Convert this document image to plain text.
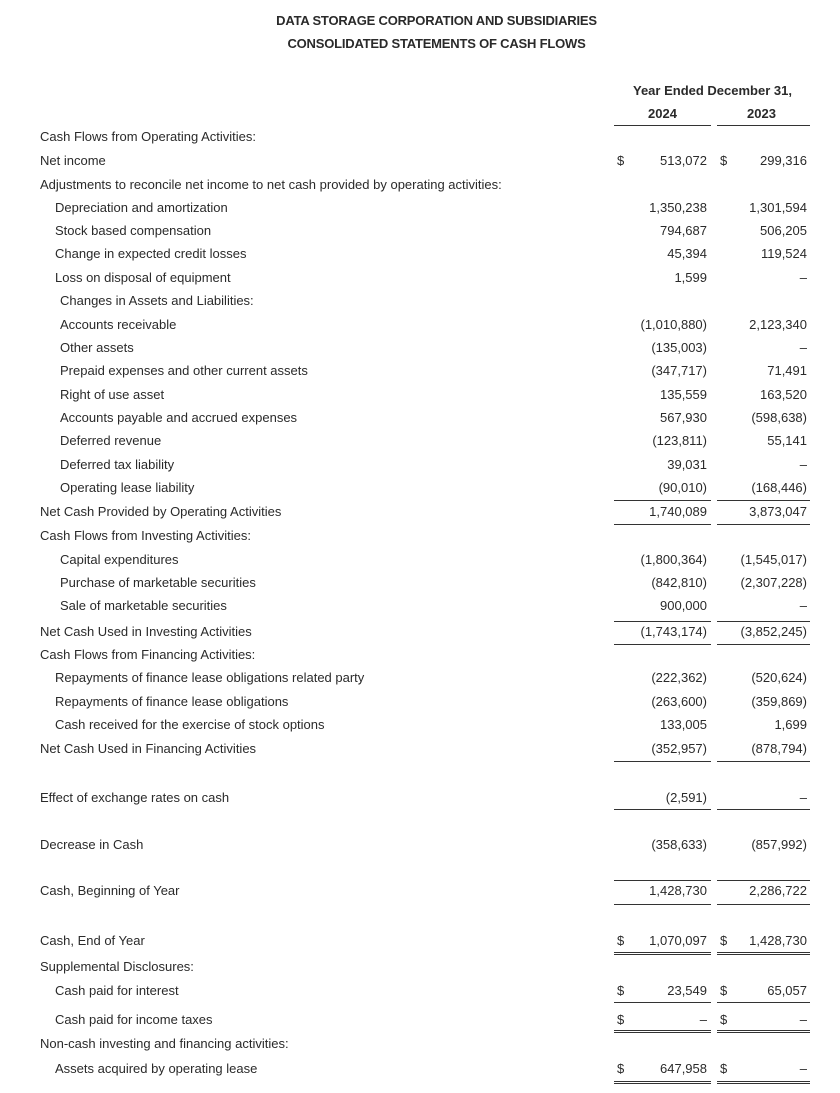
DATA STORAGE CORPORATION AND SUBSIDIARIES
CONSOLIDATED STATEMENTS OF CASH FLOWS
Year Ended December 31,
2024	2023
Cash Flows from Operating Activities:
Net income	$	513,072 $	299,316
Adjustments to reconcile net income to net cash provided by operating activities:
Depreciation and amortization	1,350,238	1,301,594
Stock based compensation	794,687	506,205
Change in expected credit losses	45,394	119,524
Loss on disposal of equipment	1,599	–
Changes in Assets and Liabilities:
Accounts receivable	(1,010,880)	2,123,340
Other assets	(135,003)	–
Prepaid expenses and other current assets	(347,717)	71,491
Right of use asset	135,559	163,520
Accounts payable and accrued expenses	567,930	(598,638)
Deferred revenue	(123,811)	55,141
Deferred tax liability	39,031	–
Operating lease liability	(90,010)	(168,446)
Net Cash Provided by Operating Activities	1,740,089	3,873,047
Cash Flows from Investing Activities:
Capital expenditures	(1,800,364)	(1,545,017)
Purchase of marketable securities	(842,810)	(2,307,228)
Sale of marketable securities	900,000	–
Net Cash Used in Investing Activities	(1,743,174)	(3,852,245)
Cash Flows from Financing Activities:
Repayments of finance lease obligations related party	(222,362)	(520,624)
Repayments of finance lease obligations	(263,600)	(359,869)
Cash received for the exercise of stock options	133,005	1,699
Net Cash Used in Financing Activities	(352,957)	(878,794)
Effect of exchange rates on cash	(2,591)	–
Decrease in Cash	(358,633)	(857,992)
Cash, Beginning of Year	1,428,730	2,286,722
Cash, End of Year	$ 1,070,097 $ 1,428,730
Supplemental Disclosures:
Cash paid for interest	$	23,549 $	65,057
Cash paid for income taxes	$	– $	–
Non-cash investing and financing activities:
Assets acquired by operating lease	$	647,958 $	–
